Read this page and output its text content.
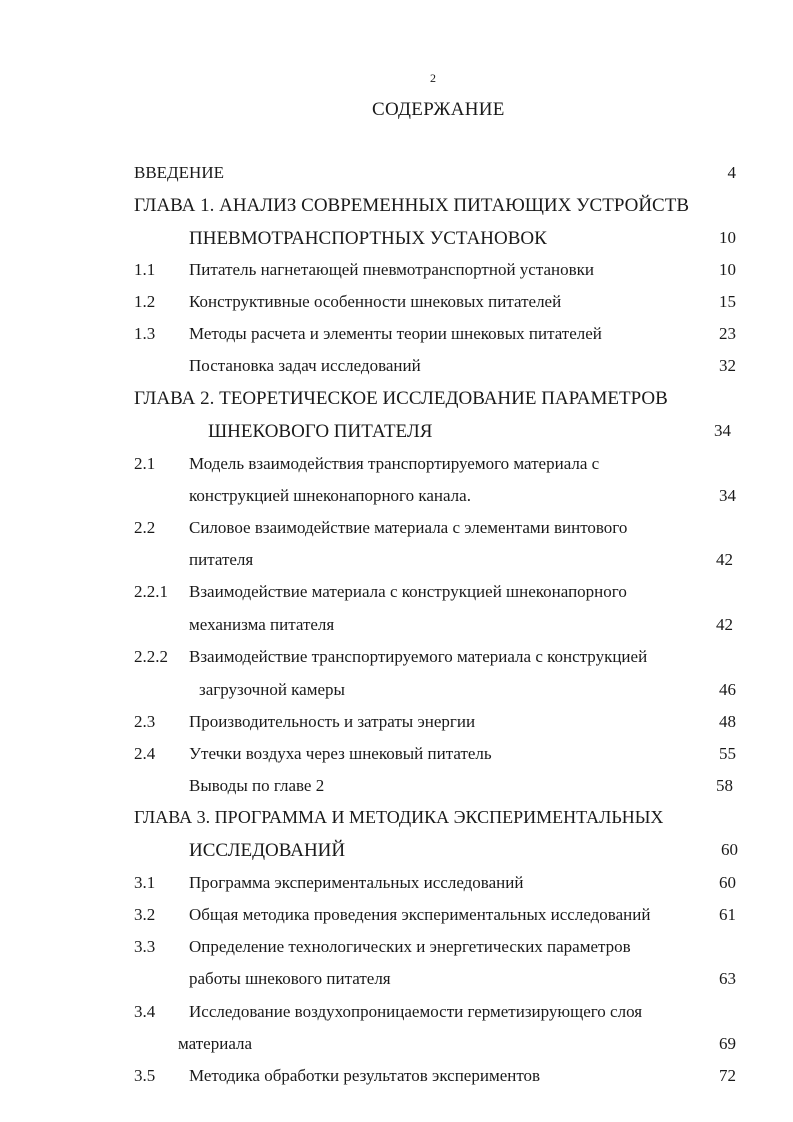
2
СОДЕРЖАНИЕ
ВВЕДЕНИЕ	4
ГЛАВА 1. АНАЛИЗ СОВРЕМЕННЫХ ПИТАЮЩИХ УСТРОЙСТВ
ПНЕВМОТРАНСПОРТНЫХ УСТАНОВОК	10
1.1 Питатель нагнетающей пневмотранспортной установки	10
1.2 Конструктивные особенности шнековых питателей	15
1.3 Методы расчета и элементы теории шнековых питателей	23
Постановка задач исследований	32
ГЛАВА 2. ТЕОРЕТИЧЕСКОЕ ИССЛЕДОВАНИЕ ПАРАМЕТРОВ
ШНЕКОВОГО ПИТАТЕЛЯ	34
2.1 Модель взаимодействия транспортируемого материала с
конструкцией шнеконапорного канала.	34
2.2 Силовое взаимодействие материала с элементами винтового
питателя	42
2.2.1 Взаимодействие материала с конструкцией шнеконапорного
механизма питателя	42
2.2.2 Взаимодействие транспортируемого материала с конструкцией
загрузочной камеры	46
2.3 Производительность и затраты энергии	48
2.4 Утечки воздуха через шнековый питатель	55
Выводы по главе 2	58
ГЛАВА 3. ПРОГРАММА И МЕТОДИКА ЭКСПЕРИМЕНТАЛЬНЫХ
ИССЛЕДОВАНИЙ	60
3.1 Программа экспериментальных исследований	60
3.2 Общая методика проведения экспериментальных исследований	61
3.3 Определение технологических и энергетических параметров
работы шнекового питателя	63
3.4 Исследование воздухопроницаемости герметизирующего слоя
материала	69
3.5 Методика обработки результатов экспериментов	72
